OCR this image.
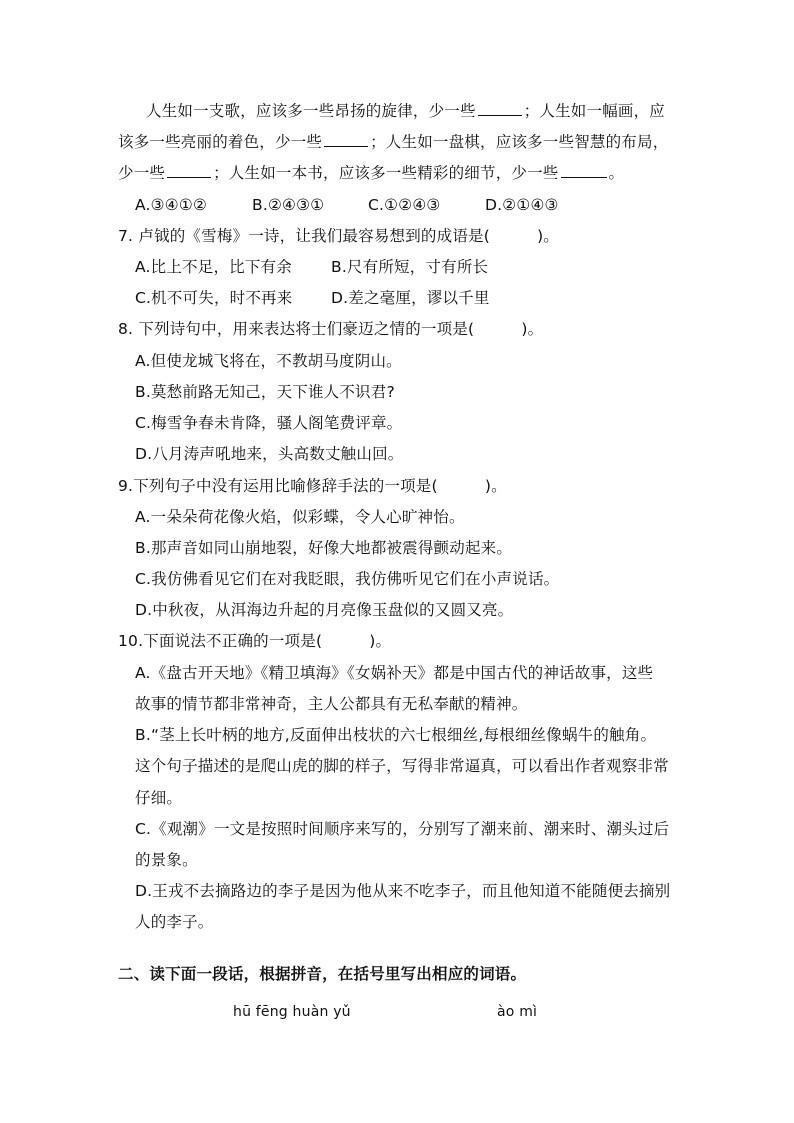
人生如一支歌，应该多一些昂扬的旋律，少一些	；人生如一幅画，应
该多一些亮丽的着色，少一些	；人生如一盘棋，应该多一些智慧的布局，
少一些	；人生如一本书，应该多一些精彩的细节，少一些	。
A.③④①②	B.②④③①	C.①②④③	D.②①④③
7. 卢钺的《雪梅》一诗，让我们最容易想到的成语是(　　　)。
A.比上不足，比下有余	B.尺有所短，寸有所长
C.机不可失，时不再来 D.差之毫厘，谬以千里
8. 下列诗句中，用来表达将士们豪迈之情的一项是(　　　)。
A.但使龙城飞将在，不教胡马度阴山。
B.莫愁前路无知己，天下谁人不识君?
C.梅雪争春未肯降，骚人阁笔费评章。
D.八月涛声吼地来，头高数丈触山回。
9.下列句子中没有运用比喻修辞手法的一项是(　　　)。
A.一朵朵荷花像火焰，似彩蝶，令人心旷神怡。
B.那声音如同山崩地裂，好像大地都被震得颤动起来。
C.我仿佛看见它们在对我眨眼，我仿佛听见它们在小声说话。
D.中秋夜，从洱海边升起的月亮像玉盘似的又圆又亮。
10.下面说法不正确的一项是(　　　)。
A.《盘古开天地》《精卫填海》《女娲补天》都是中国古代的神话故事，这些
故事的情节都非常神奇，主人公都具有无私奉献的精神。
B.“茎上长叶柄的地方,反面伸出枝状的六七根细丝,每根细丝像蜗牛的触角。
这个句子描述的是爬山虎的脚的样子，写得非常逼真，可以看出作者观察非常
仔细。
C.《观潮》一文是按照时间顺序来写的，分别写了潮来前、潮来时、潮头过后
的景象。
D.王戎不去摘路边的李子是因为他从来不吃李子，而且他知道不能随便去摘别
人的李子。
二、读下面一段话，根据拼音，在括号里写出相应的词语。
hū fēng huàn yǔ	ào mì
